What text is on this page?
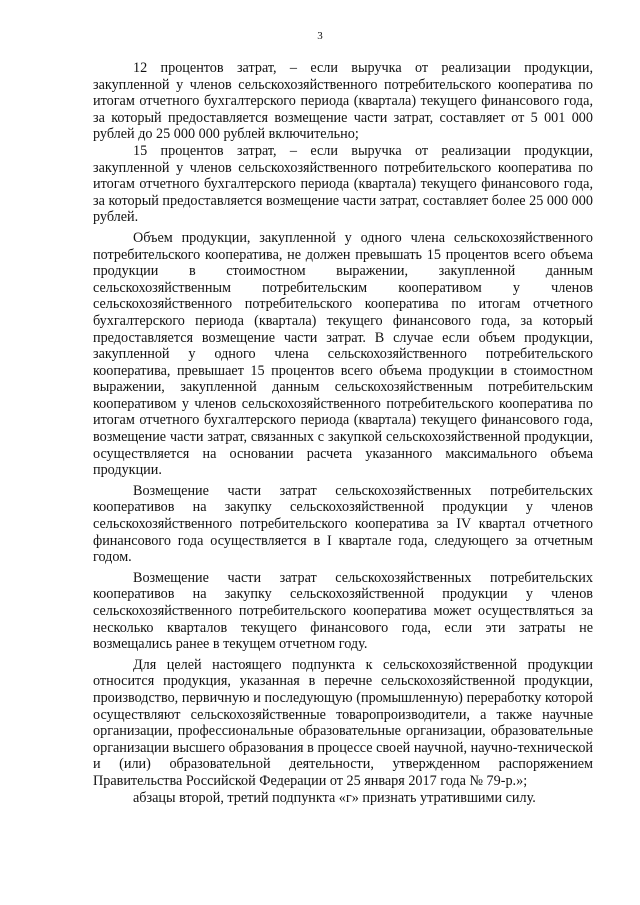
3

12 процентов затрат, – если выручка от реализации продукции, закупленной у членов сельскохозяйственного потребительского кооператива по итогам отчетного бухгалтерского периода (квартала) текущего финансового года, за который предоставляется возмещение части затрат, составляет от 5 001 000 рублей до 25 000 000 рублей включительно;

15 процентов затрат, – если выручка от реализации продукции, закупленной у членов сельскохозяйственного потребительского кооператива по итогам отчетного бухгалтерского периода (квартала) текущего финансового года, за который предоставляется возмещение части затрат, составляет более 25 000 000 рублей.

Объем продукции, закупленной у одного члена сельскохозяйственного потребительского кооператива, не должен превышать 15 процентов всего объема продукции в стоимостном выражении, закупленной данным сельскохозяйственным потребительским кооперативом у членов сельскохозяйственного потребительского кооператива по итогам отчетного бухгалтерского периода (квартала) текущего финансового года, за который предоставляется возмещение части затрат. В случае если объем продукции, закупленной у одного члена сельскохозяйственного потребительского кооператива, превышает 15 процентов всего объема продукции в стоимостном выражении, закупленной данным сельскохозяйственным потребительским кооперативом у членов сельскохозяйственного потребительского кооператива по итогам отчетного бухгалтерского периода (квартала) текущего финансового года, возмещение части затрат, связанных с закупкой сельскохозяйственной продукции, осуществляется на основании расчета указанного максимального объема продукции.

Возмещение части затрат сельскохозяйственных потребительских кооперативов на закупку сельскохозяйственной продукции у членов сельскохозяйственного потребительского кооператива за IV квартал отчетного финансового года осуществляется в I квартале года, следующего за отчетным годом.

Возмещение части затрат сельскохозяйственных потребительских кооперативов на закупку сельскохозяйственной продукции у членов сельскохозяйственного потребительского кооператива может осуществляться за несколько кварталов текущего финансового года, если эти затраты не возмещались ранее в текущем отчетном году.

Для целей настоящего подпункта к сельскохозяйственной продукции относится продукция, указанная в перечне сельскохозяйственной продукции, производство, первичную и последующую (промышленную) переработку которой осуществляют сельскохозяйственные товаропроизводители, а также научные организации, профессиональные образовательные организации, образовательные организации высшего образования в процессе своей научной, научно-технической и (или) образовательной деятельности, утвержденном распоряжением Правительства Российской Федерации от 25 января 2017 года № 79-р.»;

абзацы второй, третий подпункта «г» признать утратившими силу.
